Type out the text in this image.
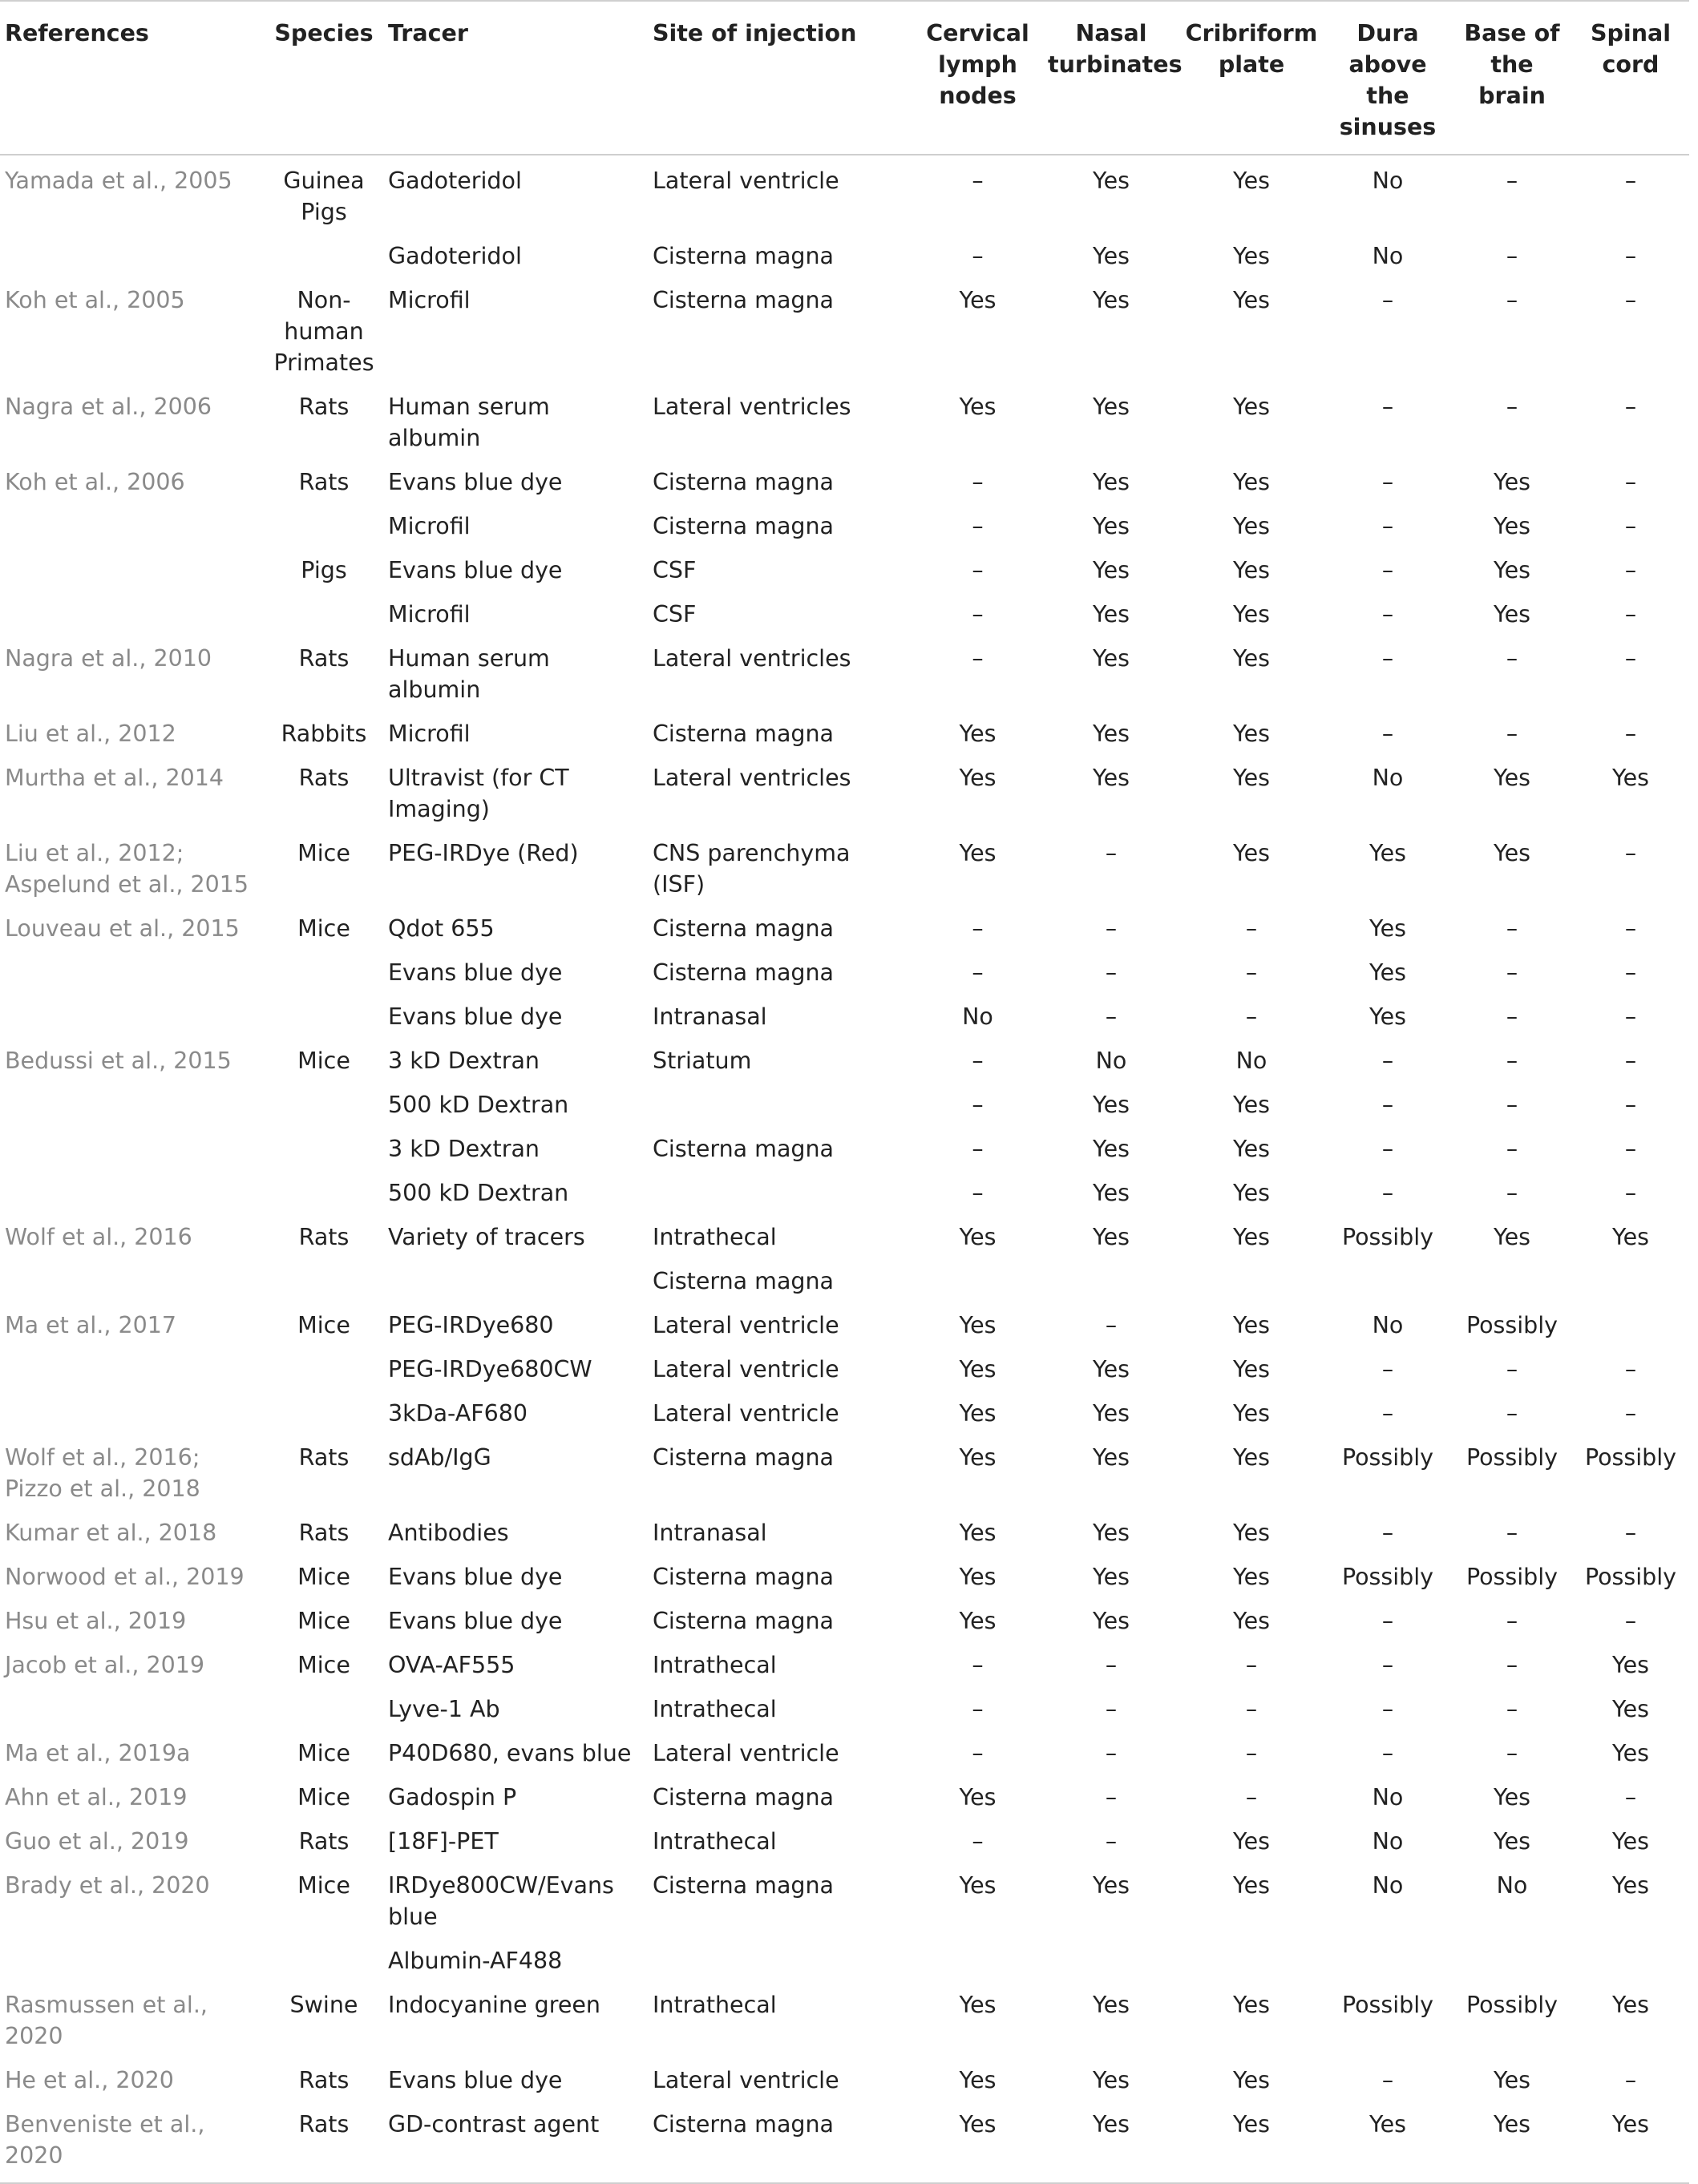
References	Species	Tracer	Site of injection	Cervical lymph nodes	Nasal turbinates	Cribriform plate	Dura above the sinuses	Base of the brain	Spinal cord
Yamada et al., 2005	Guinea Pigs	Gadoteridol	Lateral ventricle	–	Yes	Yes	No	–	–
		Gadoteridol	Cisterna magna	–	Yes	Yes	No	–	–
Koh et al., 2005	Non-human Primates	Microfil	Cisterna magna	Yes	Yes	Yes	–	–	–
Nagra et al., 2006	Rats	Human serum albumin	Lateral ventricles	Yes	Yes	Yes	–	–	–
Koh et al., 2006	Rats	Evans blue dye	Cisterna magna	–	Yes	Yes	–	Yes	–
		Microfil	Cisterna magna	–	Yes	Yes	–	Yes	–
	Pigs	Evans blue dye	CSF	–	Yes	Yes	–	Yes	–
		Microfil	CSF	–	Yes	Yes	–	Yes	–
Nagra et al., 2010	Rats	Human serum albumin	Lateral ventricles	–	Yes	Yes	–	–	–
Liu et al., 2012	Rabbits	Microfil	Cisterna magna	Yes	Yes	Yes	–	–	–
Murtha et al., 2014	Rats	Ultravist (for CT Imaging)	Lateral ventricles	Yes	Yes	Yes	No	Yes	Yes
Liu et al., 2012; Aspelund et al., 2015	Mice	PEG-IRDye (Red)	CNS parenchyma (ISF)	Yes	–	Yes	Yes	Yes	–
Louveau et al., 2015	Mice	Qdot 655	Cisterna magna	–	–	–	Yes	–	–
		Evans blue dye	Cisterna magna	–	–	–	Yes	–	–
		Evans blue dye	Intranasal	No	–	–	Yes	–	–
Bedussi et al., 2015	Mice	3 kD Dextran	Striatum	–	No	No	–	–	–
		500 kD Dextran		–	Yes	Yes	–	–	–
		3 kD Dextran	Cisterna magna	–	Yes	Yes	–	–	–
		500 kD Dextran		–	Yes	Yes	–	–	–
Wolf et al., 2016	Rats	Variety of tracers	Intrathecal	Yes	Yes	Yes	Possibly	Yes	Yes
			Cisterna magna						
Ma et al., 2017	Mice	PEG-IRDye680	Lateral ventricle	Yes	–	Yes	No	Possibly	
		PEG-IRDye680CW	Lateral ventricle	Yes	Yes	Yes	–	–	–
		3kDa-AF680	Lateral ventricle	Yes	Yes	Yes	–	–	–
Wolf et al., 2016; Pizzo et al., 2018	Rats	sdAb/IgG	Cisterna magna	Yes	Yes	Yes	Possibly	Possibly	Possibly
Kumar et al., 2018	Rats	Antibodies	Intranasal	Yes	Yes	Yes	–	–	–
Norwood et al., 2019	Mice	Evans blue dye	Cisterna magna	Yes	Yes	Yes	Possibly	Possibly	Possibly
Hsu et al., 2019	Mice	Evans blue dye	Cisterna magna	Yes	Yes	Yes	–	–	–
Jacob et al., 2019	Mice	OVA-AF555	Intrathecal	–	–	–	–	–	Yes
		Lyve-1 Ab	Intrathecal	–	–	–	–	–	Yes
Ma et al., 2019a	Mice	P40D680, evans blue	Lateral ventricle	–	–	–	–	–	Yes
Ahn et al., 2019	Mice	Gadospin P	Cisterna magna	Yes	–	–	No	Yes	–
Guo et al., 2019	Rats	[18F]-PET	Intrathecal	–	–	Yes	No	Yes	Yes
Brady et al., 2020	Mice	IRDye800CW/Evans blue	Cisterna magna	Yes	Yes	Yes	No	No	Yes
		Albumin-AF488							
Rasmussen et al., 2020	Swine	Indocyanine green	Intrathecal	Yes	Yes	Yes	Possibly	Possibly	Yes
He et al., 2020	Rats	Evans blue dye	Lateral ventricle	Yes	Yes	Yes	–	Yes	–
Benveniste et al., 2020	Rats	GD-contrast agent	Cisterna magna	Yes	Yes	Yes	Yes	Yes	Yes
